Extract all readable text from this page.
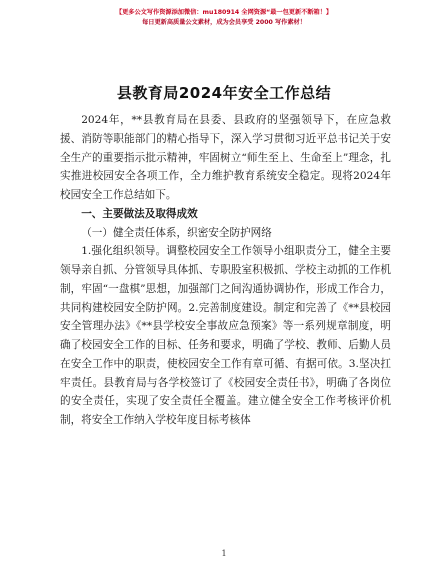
【更多公文写作资源添加微信：mu180914 全网资源“最一包更新不断箱！】
每日更新高质量公文素材，成为会员享受 2000 写作素材！
县教育局2024年安全工作总结

2024年，**县教育局在县委、县政府的坚强领导下，在应急救援、消防等职能部门的精心指导下，深入学习贯彻习近平总书记关于安全生产的重要指示批示精神，牢固树立“师生至上、生命至上”理念，扎实推进校园安全各项工作，全力维护教育系统安全稳定。现将2024年校园安全工作总结如下。

一、主要做法及取得成效

（一）健全责任体系，织密安全防护网络

1.强化组织领导。调整校园安全工作领导小组职责分工，健全主要领导亲自抓、分管领导具体抓、专职股室积极抓、学校主动抓的工作机制，牢固“一盘棋”思想，加强部门之间沟通协调协作，形成工作合力，共同构建校园安全防护网。2.完善制度建设。制定和完善了《**县校园安全管理办法》《**县学校安全事故应急预案》等一系列规章制度，明确了校园安全工作的目标、任务和要求，明确了学校、教师、后勤人员在安全工作中的职责，使校园安全工作有章可循、有据可依。3.坚决扛牢责任。县教育局与各学校签订了《校园安全责任书》，明确了各岗位的安全责任，实现了安全责任全覆盖。建立健全安全工作考核评价机制，将安全工作纳入学校年度目标考核体

1
